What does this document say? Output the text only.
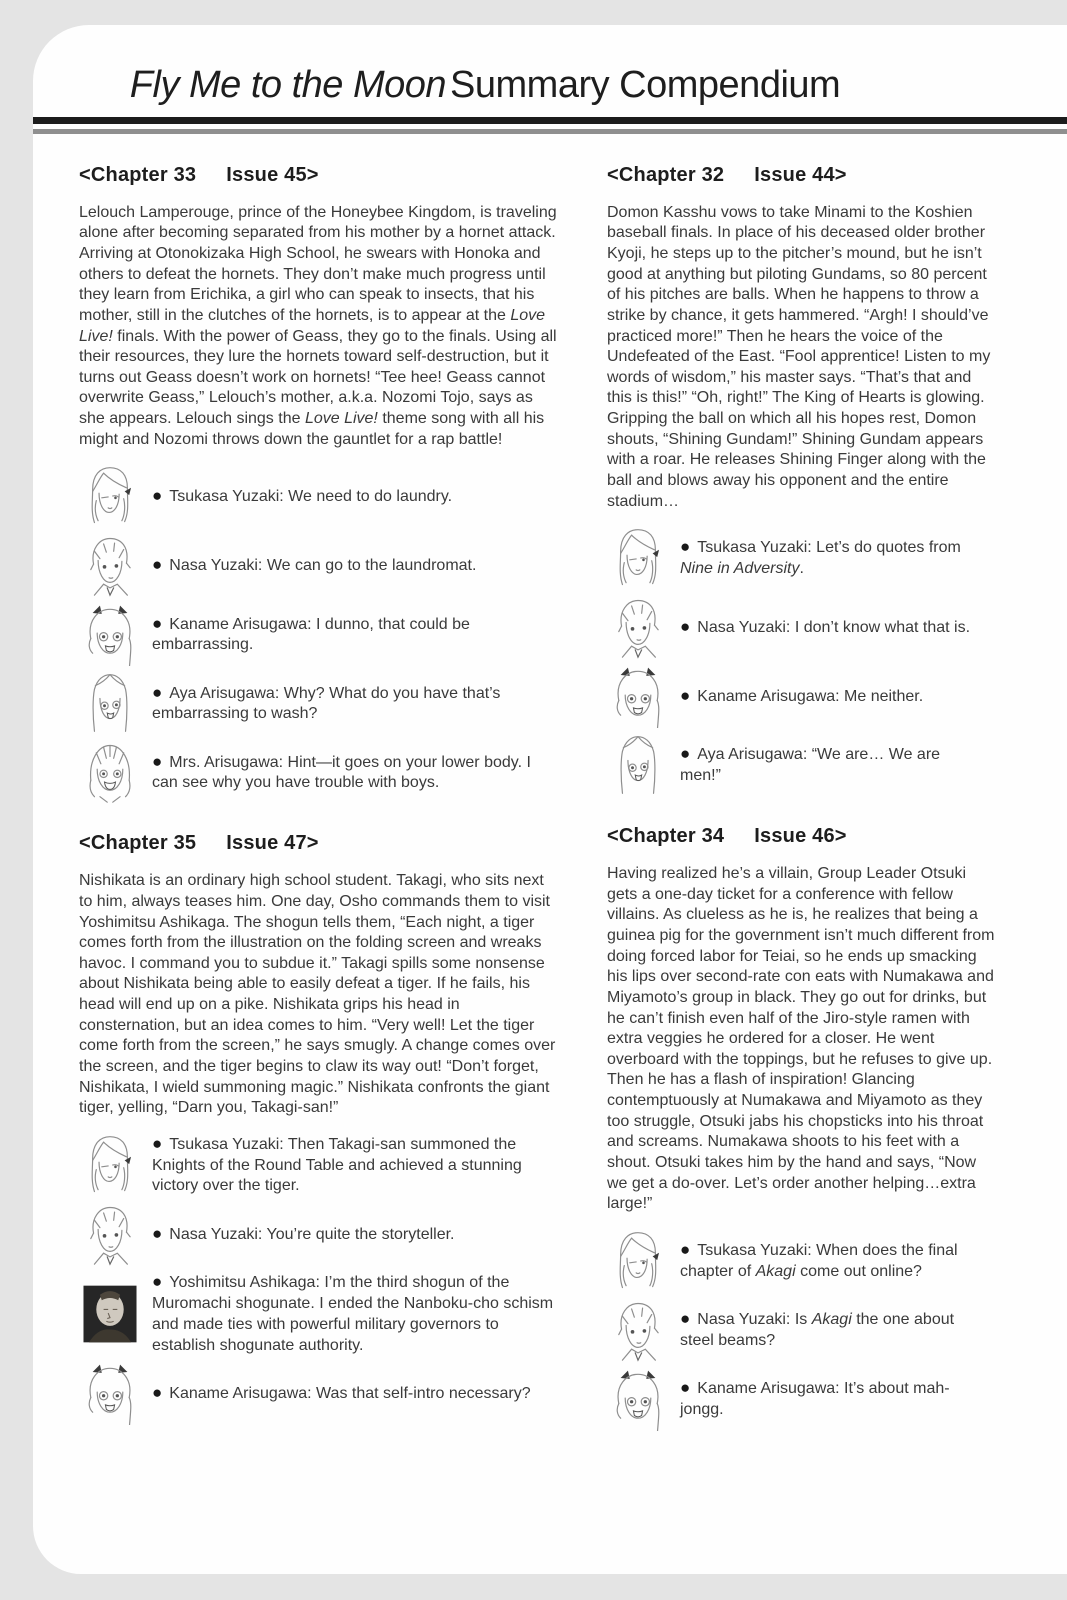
Fly Me to the Moon Summary Compendium
<Chapter 33 Issue 45>

Lelouch Lamperouge, prince of the Honeybee Kingdom, is traveling alone after becoming separated from his mother by a hornet attack. Arriving at Otonokizaka High School, he swears with Honoka and others to defeat the hornets. They don’t make much progress until they learn from Erichika, a girl who can speak to insects, that his mother, still in the clutches of the hornets, is to appear at the Love Live! finals. With the power of Geass, they go to the finals. Using all their resources, they lure the hornets toward self-destruction, but it turns out Geass doesn’t work on hornets! “Tee hee! Geass cannot overwrite Geass,” Lelouch’s mother, a.k.a. Nozomi Tojo, says as she appears. Lelouch sings the Love Live! theme song with all his might and Nozomi throws down the gauntlet for a rap battle!

● Tsukasa Yuzaki: We need to do laundry.
● Nasa Yuzaki: We can go to the laundromat.
● Kaname Arisugawa: I dunno, that could be embarrassing.
● Aya Arisugawa: Why? What do you have that’s embarrassing to wash?
● Mrs. Arisugawa: Hint—it goes on your lower body. I can see why you have trouble with boys.
<Chapter 35 Issue 47>

Nishikata is an ordinary high school student. Takagi, who sits next to him, always teases him. One day, Osho commands them to visit Yoshimitsu Ashikaga. The shogun tells them, “Each night, a tiger comes forth from the illustration on the folding screen and wreaks havoc. I command you to subdue it.” Takagi spills some nonsense about Nishikata being able to easily defeat a tiger. If he fails, his head will end up on a pike. Nishikata grips his head in consternation, but an idea comes to him. “Very well! Let the tiger come forth from the screen,” he says smugly. A change comes over the screen, and the tiger begins to claw its way out! “Don’t forget, Nishikata, I wield summoning magic.” Nishikata confronts the giant tiger, yelling, “Darn you, Takagi-san!”

● Tsukasa Yuzaki: Then Takagi-san summoned the Knights of the Round Table and achieved a stunning victory over the tiger.
● Nasa Yuzaki: You’re quite the storyteller.
● Yoshimitsu Ashikaga: I’m the third shogun of the Muromachi shogunate. I ended the Nanboku-cho schism and made ties with powerful military governors to establish shogunate authority.
● Kaname Arisugawa: Was that self-intro necessary?
<Chapter 32 Issue 44>

Domon Kasshu vows to take Minami to the Koshien baseball finals. In place of his deceased older brother Kyoji, he steps up to the pitcher’s mound, but he isn’t good at anything but piloting Gundams, so 80 percent of his pitches are balls. When he happens to throw a strike by chance, it gets hammered. “Argh! I should’ve practiced more!” Then he hears the voice of the Undefeated of the East. “Fool apprentice! Listen to my words of wisdom,” his master says. “That’s that and this is this!” “Oh, right!” The King of Hearts is glowing. Gripping the ball on which all his hopes rest, Domon shouts, “Shining Gundam!” Shining Gundam appears with a roar. He releases Shining Finger along with the ball and blows away his opponent and the entire stadium…

● Tsukasa Yuzaki: Let’s do quotes from Nine in Adversity.
● Nasa Yuzaki: I don’t know what that is.
● Kaname Arisugawa: Me neither.
● Aya Arisugawa: “We are… We are men!”
<Chapter 34 Issue 46>

Having realized he’s a villain, Group Leader Otsuki gets a one-day ticket for a conference with fellow villains. As clueless as he is, he realizes that being a guinea pig for the government isn’t much different from doing forced labor for Teiai, so he ends up smacking his lips over second-rate con eats with Numakawa and Miyamoto’s group in black. They go out for drinks, but he can’t finish even half of the Jiro-style ramen with extra veggies he ordered for a closer. He went overboard with the toppings, but he refuses to give up. Then he has a flash of inspiration! Glancing contemptuously at Numakawa and Miyamoto as they too struggle, Otsuki jabs his chopsticks into his throat and screams. Numakawa shoots to his feet with a shout. Otsuki takes him by the hand and says, “Now we get a do-over. Let’s order another helping…extra large!”

● Tsukasa Yuzaki: When does the final chapter of Akagi come out online?
● Nasa Yuzaki: Is Akagi the one about steel beams?
● Kaname Arisugawa: It’s about mah-jongg.
